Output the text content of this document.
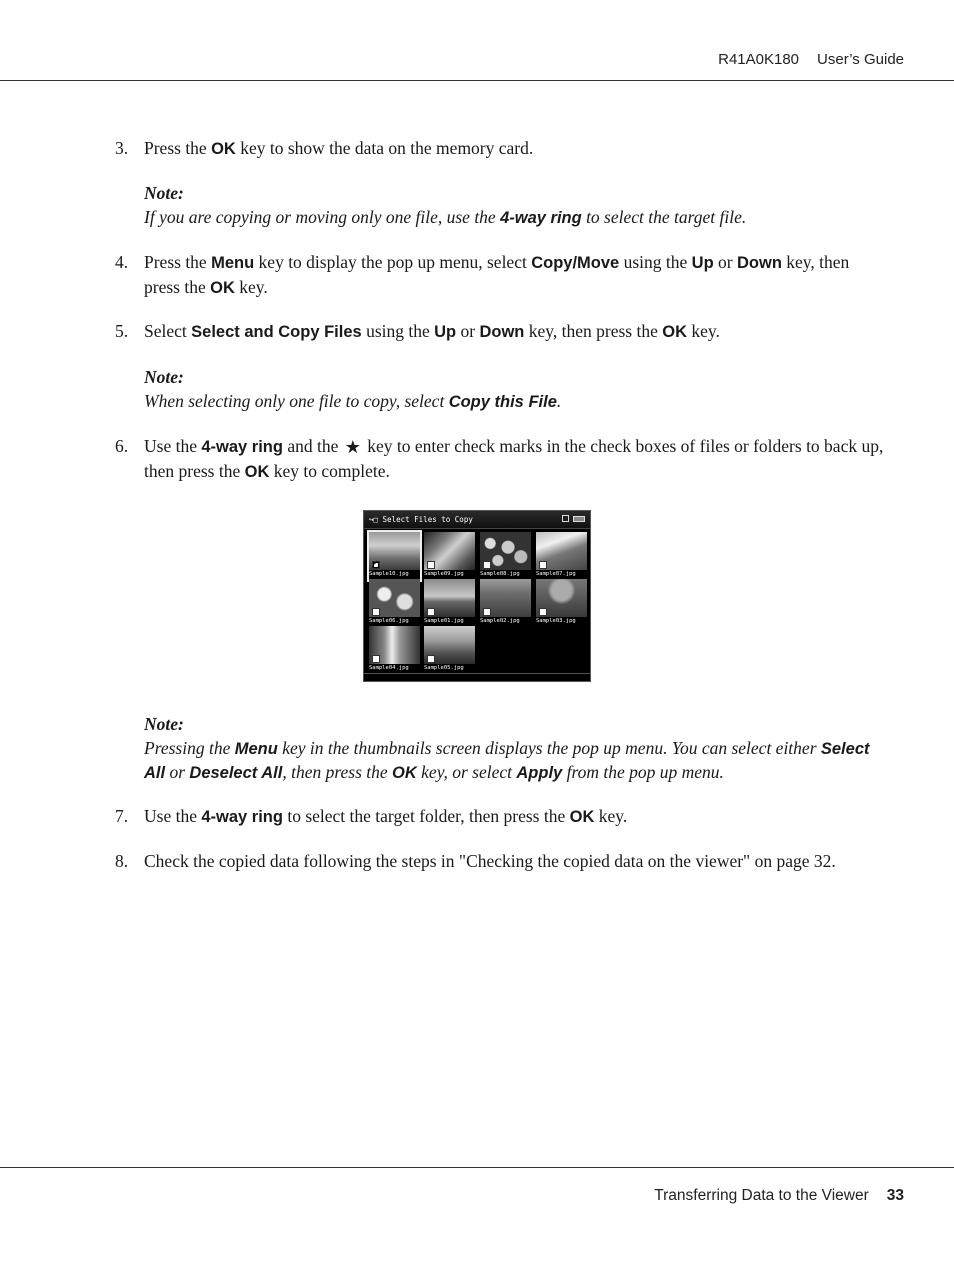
R41A0K180 User’s Guide
3. Press the OK key to show the data on the memory card.
Note:
If you are copying or moving only one file, use the 4-way ring to select the target file.
4. Press the Menu key to display the pop up menu, select Copy/Move using the Up or Down key, then press the OK key.
5. Select Select and Copy Files using the Up or Down key, then press the OK key.
Note:
When selecting only one file to copy, select Copy this File.
6. Use the 4-way ring and the ★ key to enter check marks in the check boxes of files or folders to back up, then press the OK key to complete.
↪□ Select Files to Copy
✓
Sample10.jpg	Sample09.jpg	Sample08.jpg	Sample07.jpg
Sample06.jpg	Sample01.jpg	Sample02.jpg	Sample03.jpg
Sample04.jpg	Sample05.jpg
Note:
Pressing the Menu key in the thumbnails screen displays the pop up menu. You can select either Select All or Deselect All, then press the OK key, or select Apply from the pop up menu.
7. Use the 4-way ring to select the target folder, then press the OK key.
8. Check the copied data following the steps in "Checking the copied data on the viewer" on page 32.
Transferring Data to the Viewer 33
